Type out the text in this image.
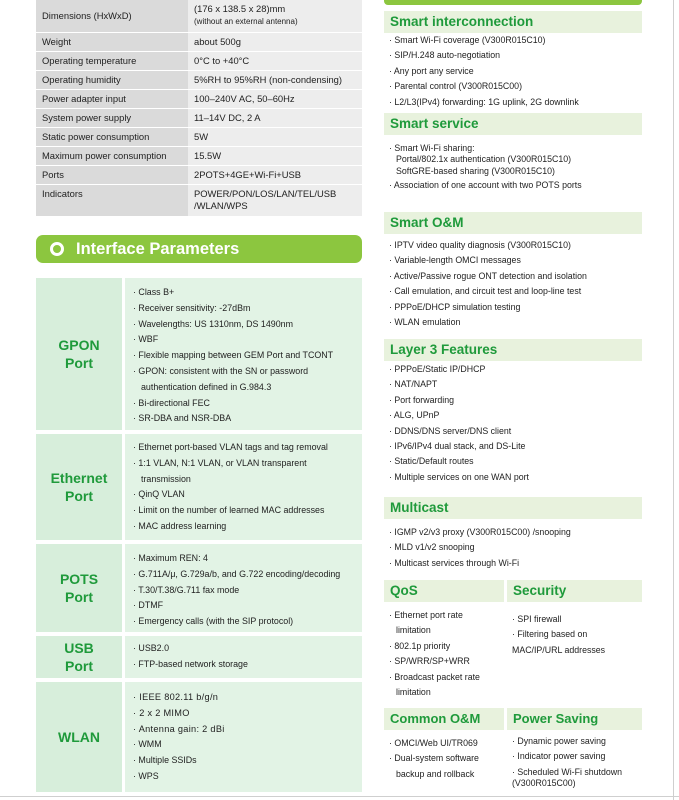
Dimensions (HxWxD)	(176 x 138.5 x 28)mm
(without an external antenna)
Weight	about 500g
Operating temperature	0°C to +40°C
Operating humidity	5%RH to 95%RH (non-condensing)
Power adapter input	100–240V AC, 50–60Hz
System power supply	11–14V DC, 2 A
Static power consumption	5W
Maximum power consumption	15.5W
Ports	2POTS+4GE+Wi-Fi+USB
Indicators	POWER/PON/LOS/LAN/TEL/USB
/WLAN/WPS
Interface Parameters
GPON
Port
· Class B+
· Receiver sensitivity: -27dBm
· Wavelengths: US 1310nm, DS 1490nm
· WBF
· Flexible mapping between GEM Port and TCONT
· GPON: consistent with the SN or password
authentication defined in G.984.3
· Bi-directional FEC
· SR-DBA and NSR-DBA
Ethernet
Port
· Ethernet port-based VLAN tags and tag removal
· 1:1 VLAN, N:1 VLAN, or VLAN transparent
transmission
· QinQ VLAN
· Limit on the number of learned MAC addresses
· MAC address learning
POTS
Port
· Maximum REN: 4
· G.711A/μ, G.729a/b, and G.722 encoding/decoding
· T.30/T.38/G.711 fax mode
· DTMF
· Emergency calls (with the SIP protocol)
USB
Port
· USB2.0
· FTP-based network storage
WLAN
· IEEE 802.11 b/g/n
· 2 x 2 MIMO
· Antenna gain: 2 dBi
· WMM
· Multiple SSIDs
· WPS
Smart interconnection
· Smart Wi-Fi coverage (V300R015C10)
· SIP/H.248 auto-negotiation
· Any port any service
· Parental control (V300R015C00)
· L2/L3(IPv4) forwarding: 1G uplink, 2G downlink
Smart service
· Smart Wi-Fi sharing:
Portal/802.1x authentication (V300R015C10)
SoftGRE-based sharing (V300R015C10)
· Association of one account with two POTS ports
Smart O&M
· IPTV video quality diagnosis (V300R015C10)
· Variable-length OMCI messages
· Active/Passive rogue ONT detection and isolation
· Call emulation, and circuit test and loop-line test
· PPPoE/DHCP simulation testing
· WLAN emulation
Layer 3 Features
· PPPoE/Static IP/DHCP
· NAT/NAPT
· Port forwarding
· ALG, UPnP
· DDNS/DNS server/DNS client
· IPv6/IPv4 dual stack, and DS-Lite
· Static/Default routes
· Multiple services on one WAN port
Multicast
· IGMP v2/v3 proxy (V300R015C00) /snooping
· MLD v1/v2 snooping
· Multicast services through Wi-Fi
QoS
· Ethernet port rate
limitation
· 802.1p priority
· SP/WRR/SP+WRR
· Broadcast packet rate
limitation
Security
· SPI firewall
· Filtering based on
MAC/IP/URL addresses
Common O&M
· OMCI/Web UI/TR069
· Dual-system software
backup and rollback
Power Saving
· Dynamic power saving
· Indicator power saving
· Scheduled Wi-Fi shutdown
(V300R015C00)
